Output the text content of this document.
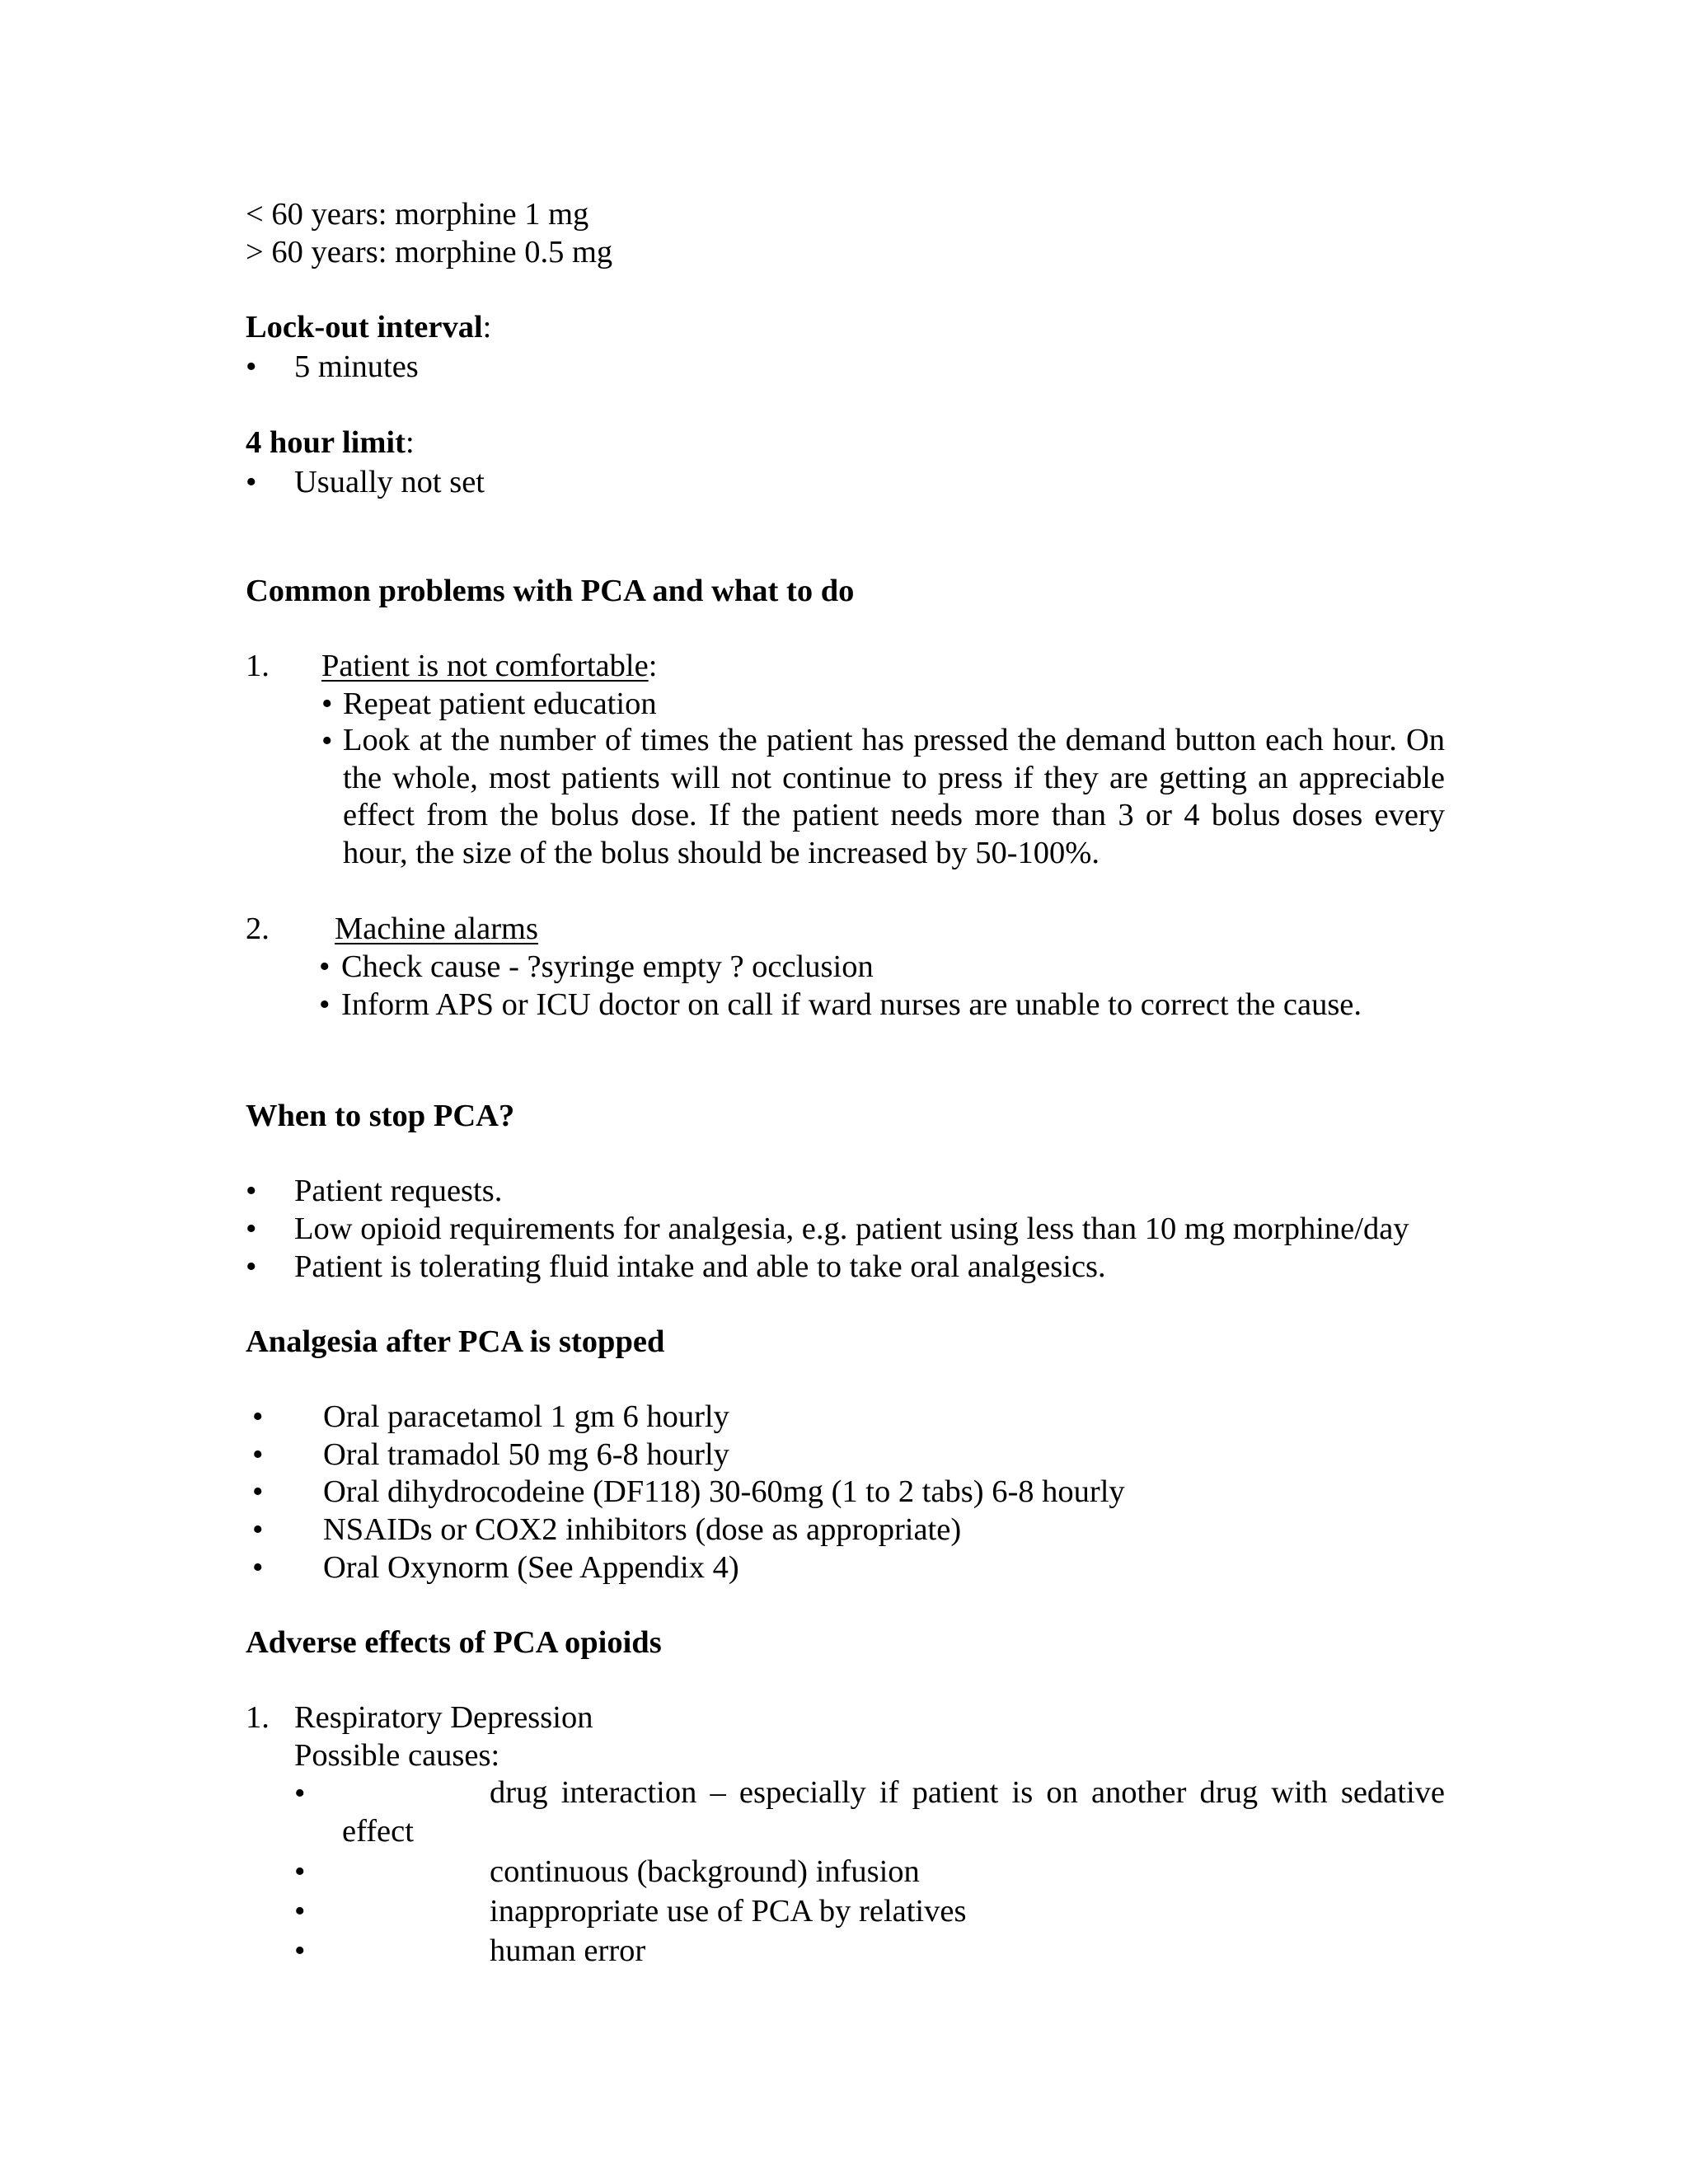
< 60 years: morphine 1 mg
> 60 years: morphine 0.5 mg
Lock-out interval:
• 5 minutes
4 hour limit:
• Usually not set
Common problems with PCA and what to do
1. Patient is not comfortable:
• Repeat patient education
• Look at the number of times the patient has pressed the demand button each hour. On the whole, most patients will not continue to press if they are getting an appreciable effect from the bolus dose. If the patient needs more than 3 or 4 bolus doses every hour, the size of the bolus should be increased by 50-100%.
2. Machine alarms
• Check cause - ?syringe empty ? occlusion
• Inform APS or ICU doctor on call if ward nurses are unable to correct the cause.
When to stop PCA?
• Patient requests.
• Low opioid requirements for analgesia, e.g. patient using less than 10 mg morphine/day
• Patient is tolerating fluid intake and able to take oral analgesics.
Analgesia after PCA is stopped
• Oral paracetamol 1 gm 6 hourly
• Oral tramadol 50 mg 6-8 hourly
• Oral dihydrocodeine (DF118) 30-60mg (1 to 2 tabs) 6-8 hourly
• NSAIDs or COX2 inhibitors (dose as appropriate)
• Oral Oxynorm (See Appendix 4)
Adverse effects of PCA opioids
1. Respiratory Depression
Possible causes:
•	drug interaction – especially if patient is on another drug with sedative
effect
•	continuous (background) infusion
•	inappropriate use of PCA by relatives
•	human error
